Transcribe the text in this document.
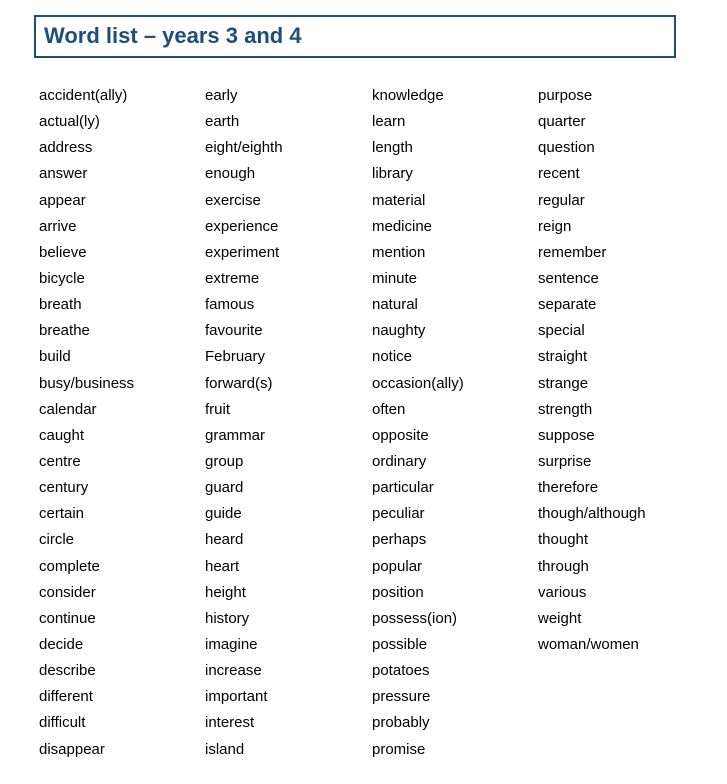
Word list – years 3 and 4
accident(ally)
actual(ly)
address
answer
appear
arrive
believe
bicycle
breath
breathe
build
busy/business
calendar
caught
centre
century
certain
circle
complete
consider
continue
decide
describe
different
difficult
disappear
early
earth
eight/eighth
enough
exercise
experience
experiment
extreme
famous
favourite
February
forward(s)
fruit
grammar
group
guard
guide
heard
heart
height
history
imagine
increase
important
interest
island
knowledge
learn
length
library
material
medicine
mention
minute
natural
naughty
notice
occasion(ally)
often
opposite
ordinary
particular
peculiar
perhaps
popular
position
possess(ion)
possible
potatoes
pressure
probably
promise
purpose
quarter
question
recent
regular
reign
remember
sentence
separate
special
straight
strange
strength
suppose
surprise
therefore
though/although
thought
through
various
weight
woman/women
